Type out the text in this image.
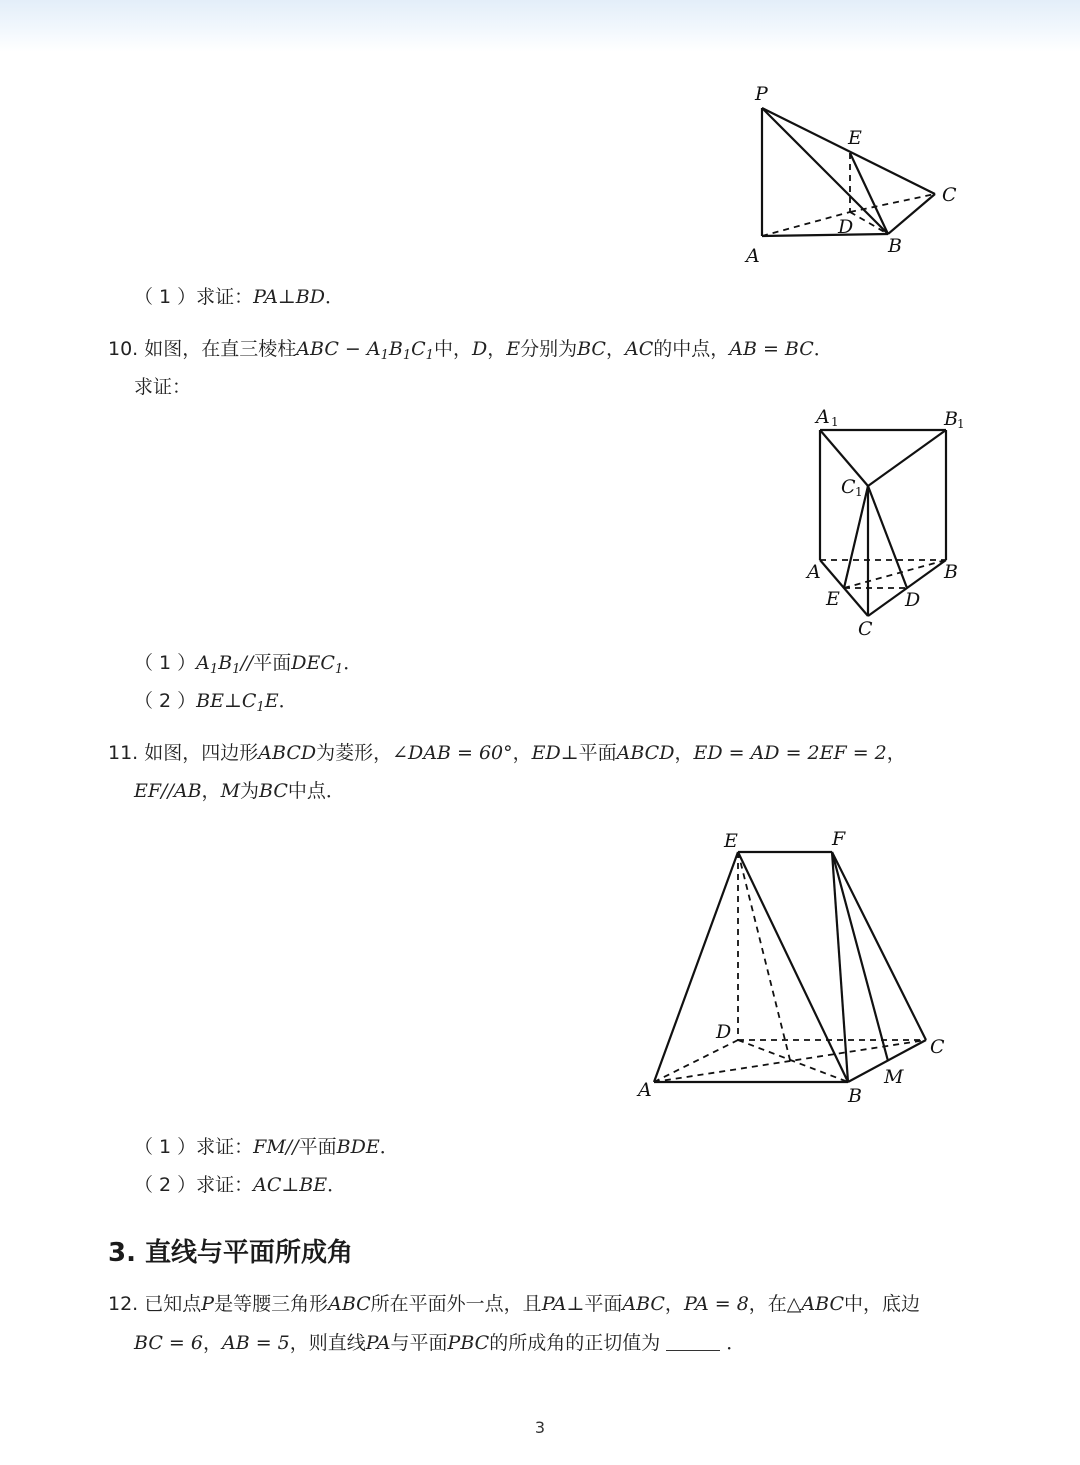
P
E
C
D
A	B
（ 1 ）求证：PA⊥BD．
10. 如图，在直三棱柱ABC − $A_1B_1C_1$中，D，E分别为BC，AC的中点，AB = BC．
求证：
A 1	B 1
C 1
A	B
E	D
C
（ 1 ）$A_1B_1//$平面$DEC_1$．
（ 2 ）$BE\perp C_1E$．
11. 如图，四边形ABCD为菱形，∠DAB = 60°，ED⊥平面ABCD，ED = AD = 2EF = 2，
EF//AB，M为BC中点．
E	F
D
C
A	B
M
（ 1 ）求证：FM//平面BDE．
（ 2 ）求证：AC⊥BE．
3. 直线与平面所成角
12. 已知点P是等腰三角形ABC所在平面外一点，且PA⊥平面ABC，PA = 8，在△ABC中，底边
BC = 6，AB = 5，则直线PA与平面PBC的所成角的正切值为	．
3
